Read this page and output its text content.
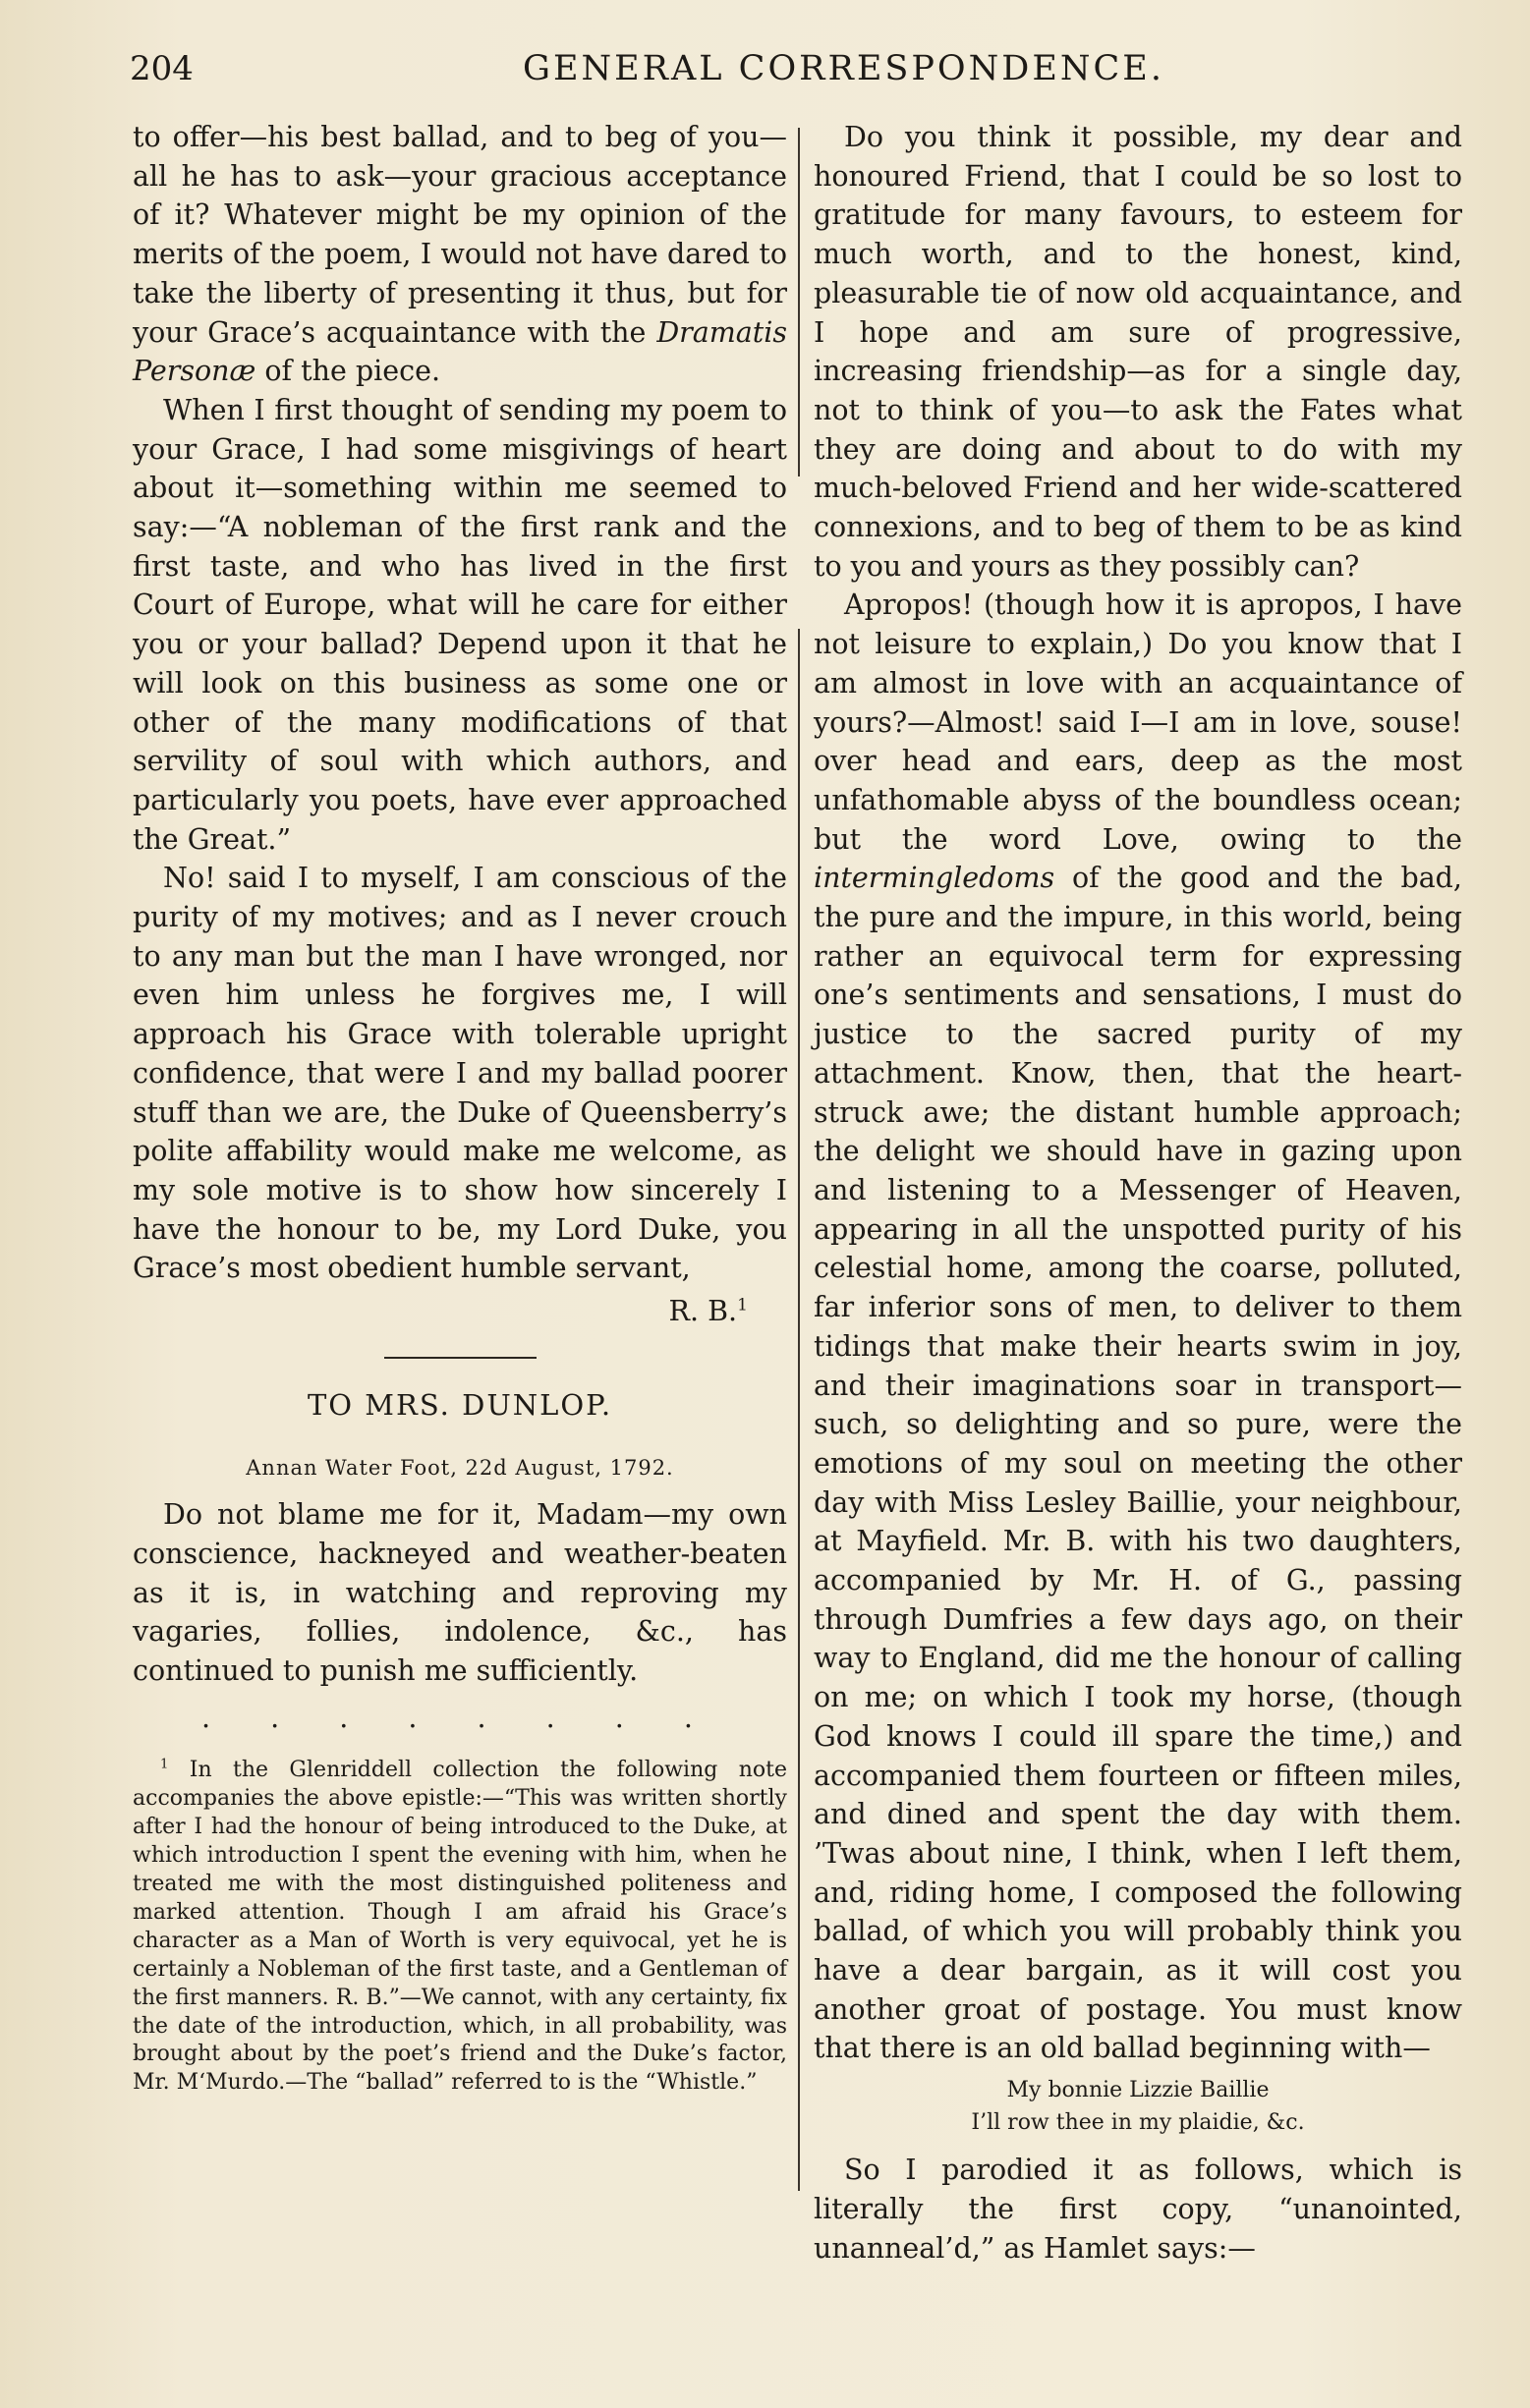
204	GENERAL CORRESPONDENCE.

to offer—his best ballad, and to beg of you—all he has to ask—your gracious acceptance of it? Whatever might be my opinion of the merits of the poem, I would not have dared to take the liberty of presenting it thus, but for your Grace’s acquaintance with the Dramatis Personæ of the piece.

When I first thought of sending my poem to your Grace, I had some misgivings of heart about it—something within me seemed to say:—“A nobleman of the first rank and the first taste, and who has lived in the first Court of Europe, what will he care for either you or your ballad? Depend upon it that he will look on this business as some one or other of the many modifications of that servility of soul with which authors, and particularly you poets, have ever approached the Great.”

No! said I to myself, I am conscious of the purity of my motives; and as I never crouch to any man but the man I have wronged, nor even him unless he forgives me, I will approach his Grace with tolerable upright confidence, that were I and my ballad poorer stuff than we are, the Duke of Queensberry’s polite affability would make me welcome, as my sole motive is to show how sincerely I have the honour to be, my Lord Duke, you Grace’s most obedient humble servant,

R. B.$^1$

TO MRS. DUNLOP.

Annan Water Foot, 22d August, 1792.

Do not blame me for it, Madam—my own conscience, hackneyed and weather-beaten as it is, in watching and reproving my vagaries, follies, indolence, &c., has continued to punish me sufficiently.

. . . . . . . .

$^1$ In the Glenriddell collection the following note accompanies the above epistle:—“This was written shortly after I had the honour of being introduced to the Duke, at which introduction I spent the evening with him, when he treated me with the most distinguished politeness and marked attention. Though I am afraid his Grace’s character as a Man of Worth is very equivocal, yet he is certainly a Nobleman of the first taste, and a Gentleman of the first manners. R. B.”—We cannot, with any certainty, fix the date of the introduction, which, in all probability, was brought about by the poet’s friend and the Duke’s factor, Mr. M‘Murdo.—The “ballad” referred to is the “Whistle.”

Do you think it possible, my dear and honoured Friend, that I could be so lost to gratitude for many favours, to esteem for much worth, and to the honest, kind, pleasurable tie of now old acquaintance, and I hope and am sure of progressive, increasing friendship—as for a single day, not to think of you—to ask the Fates what they are doing and about to do with my much-beloved Friend and her wide-scattered connexions, and to beg of them to be as kind to you and yours as they possibly can?

Apropos! (though how it is apropos, I have not leisure to explain,) Do you know that I am almost in love with an acquaintance of yours?—Almost! said I—I am in love, souse! over head and ears, deep as the most unfathomable abyss of the boundless ocean; but the word Love, owing to the intermingledoms of the good and the bad, the pure and the impure, in this world, being rather an equivocal term for expressing one’s sentiments and sensations, I must do justice to the sacred purity of my attachment. Know, then, that the heart-struck awe; the distant humble approach; the delight we should have in gazing upon and listening to a Messenger of Heaven, appearing in all the unspotted purity of his celestial home, among the coarse, polluted, far inferior sons of men, to deliver to them tidings that make their hearts swim in joy, and their imaginations soar in transport—such, so delighting and so pure, were the emotions of my soul on meeting the other day with Miss Lesley Baillie, your neighbour, at Mayfield. Mr. B. with his two daughters, accompanied by Mr. H. of G., passing through Dumfries a few days ago, on their way to England, did me the honour of calling on me; on which I took my horse, (though God knows I could ill spare the time,) and accompanied them fourteen or fifteen miles, and dined and spent the day with them. ’Twas about nine, I think, when I left them, and, riding home, I composed the following ballad, of which you will probably think you have a dear bargain, as it will cost you another groat of postage. You must know that there is an old ballad beginning with—

My bonnie Lizzie Baillie
I’ll row thee in my plaidie, &c.

So I parodied it as follows, which is literally the first copy, “unanointed, unanneal’d,” as Hamlet says:—
